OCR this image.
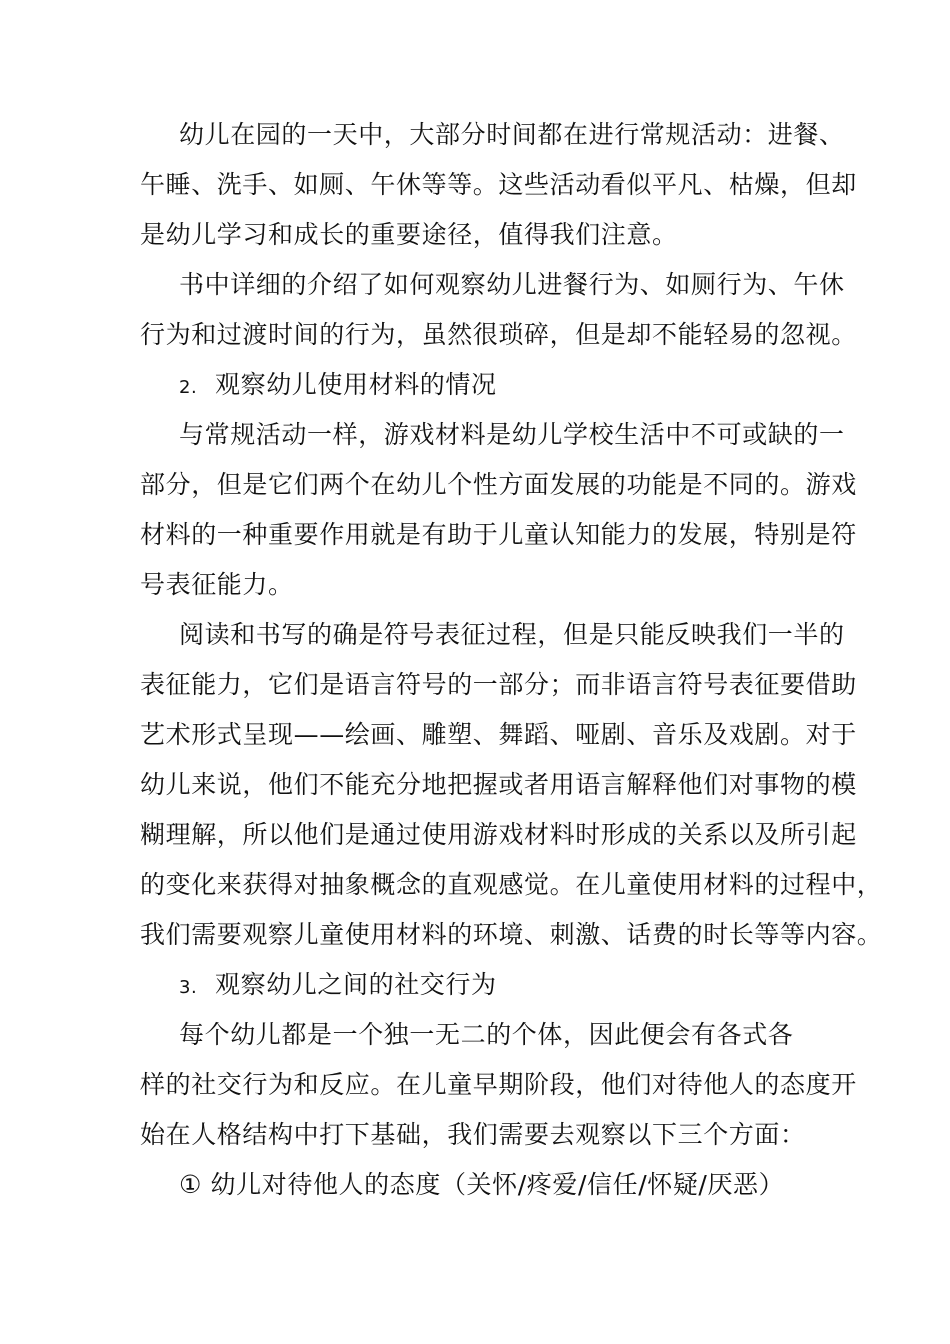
幼儿在园的一天中，大部分时间都在进行常规活动：进餐、
午睡、洗手、如厕、午休等等。这些活动看似平凡、枯燥，但却
是幼儿学习和成长的重要途径，值得我们注意。
书中详细的介绍了如何观察幼儿进餐行为、如厕行为、午休
行为和过渡时间的行为，虽然很琐碎，但是却不能轻易的忽视。
2. 观察幼儿使用材料的情况
与常规活动一样，游戏材料是幼儿学校生活中不可或缺的一
部分，但是它们两个在幼儿个性方面发展的功能是不同的。游戏
材料的一种重要作用就是有助于儿童认知能力的发展，特别是符
号表征能力。
阅读和书写的确是符号表征过程，但是只能反映我们一半的
表征能力，它们是语言符号的一部分；而非语言符号表征要借助
艺术形式呈现——绘画、雕塑、舞蹈、哑剧、音乐及戏剧。对于
幼儿来说，他们不能充分地把握或者用语言解释他们对事物的模
糊理解，所以他们是通过使用游戏材料时形成的关系以及所引起
的变化来获得对抽象概念的直观感觉。在儿童使用材料的过程中，
我们需要观察儿童使用材料的环境、刺激、话费的时长等等内容。
3. 观察幼儿之间的社交行为
每个幼儿都是一个独一无二的个体，因此便会有各式各
样的社交行为和反应。在儿童早期阶段，他们对待他人的态度开
始在人格结构中打下基础，我们需要去观察以下三个方面：
① 幼儿对待他人的态度（关怀/疼爱/信任/怀疑/厌恶）
